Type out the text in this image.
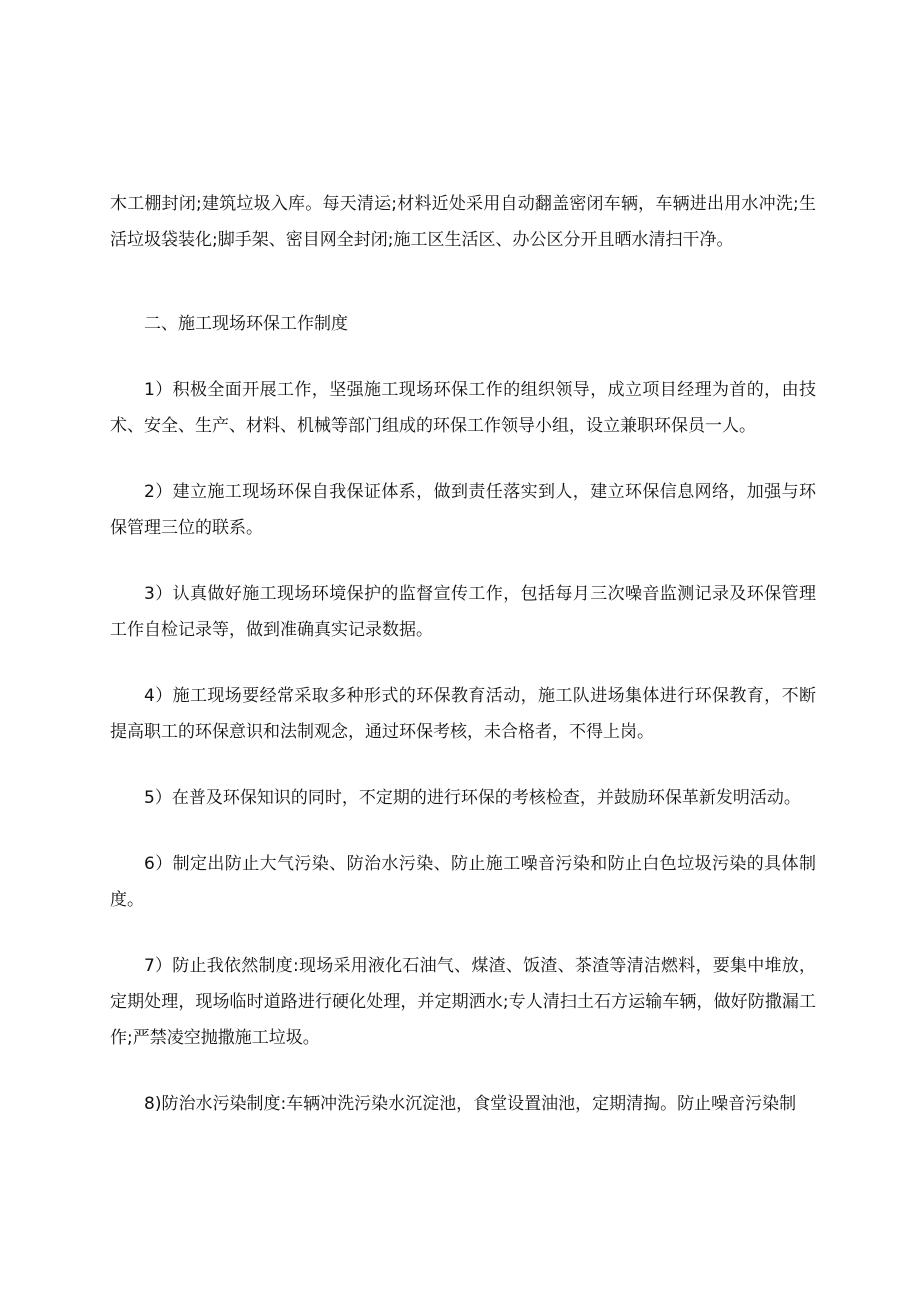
木工棚封闭;建筑垃圾入库。每天清运;材料近处采用自动翻盖密闭车辆，车辆进出用水冲洗;生活垃圾袋装化;脚手架、密目网全封闭;施工区生活区、办公区分开且晒水清扫干净。

二、施工现场环保工作制度

1）积极全面开展工作，坚强施工现场环保工作的组织领导，成立项目经理为首的，由技术、安全、生产、材料、机械等部门组成的环保工作领导小组，设立兼职环保员一人。

2）建立施工现场环保自我保证体系，做到责任落实到人，建立环保信息网络，加强与环保管理三位的联系。

3）认真做好施工现场环境保护的监督宣传工作，包括每月三次噪音监测记录及环保管理工作自检记录等，做到准确真实记录数据。

4）施工现场要经常采取多种形式的环保教育活动，施工队进场集体进行环保教育，不断提高职工的环保意识和法制观念，通过环保考核，未合格者，不得上岗。

5）在普及环保知识的同时，不定期的进行环保的考核检查，并鼓励环保革新发明活动。

6）制定出防止大气污染、防治水污染、防止施工噪音污染和防止白色垃圾污染的具体制度。

7）防止我依然制度:现场采用液化石油气、煤渣、饭渣、茶渣等清洁燃料，要集中堆放，定期处理，现场临时道路进行硬化处理，并定期洒水;专人清扫土石方运输车辆，做好防撒漏工作;严禁凌空抛撒施工垃圾。

8)防治水污染制度:车辆冲洗污染水沉淀池，食堂设置油池，定期清掏。防止噪音污染制
